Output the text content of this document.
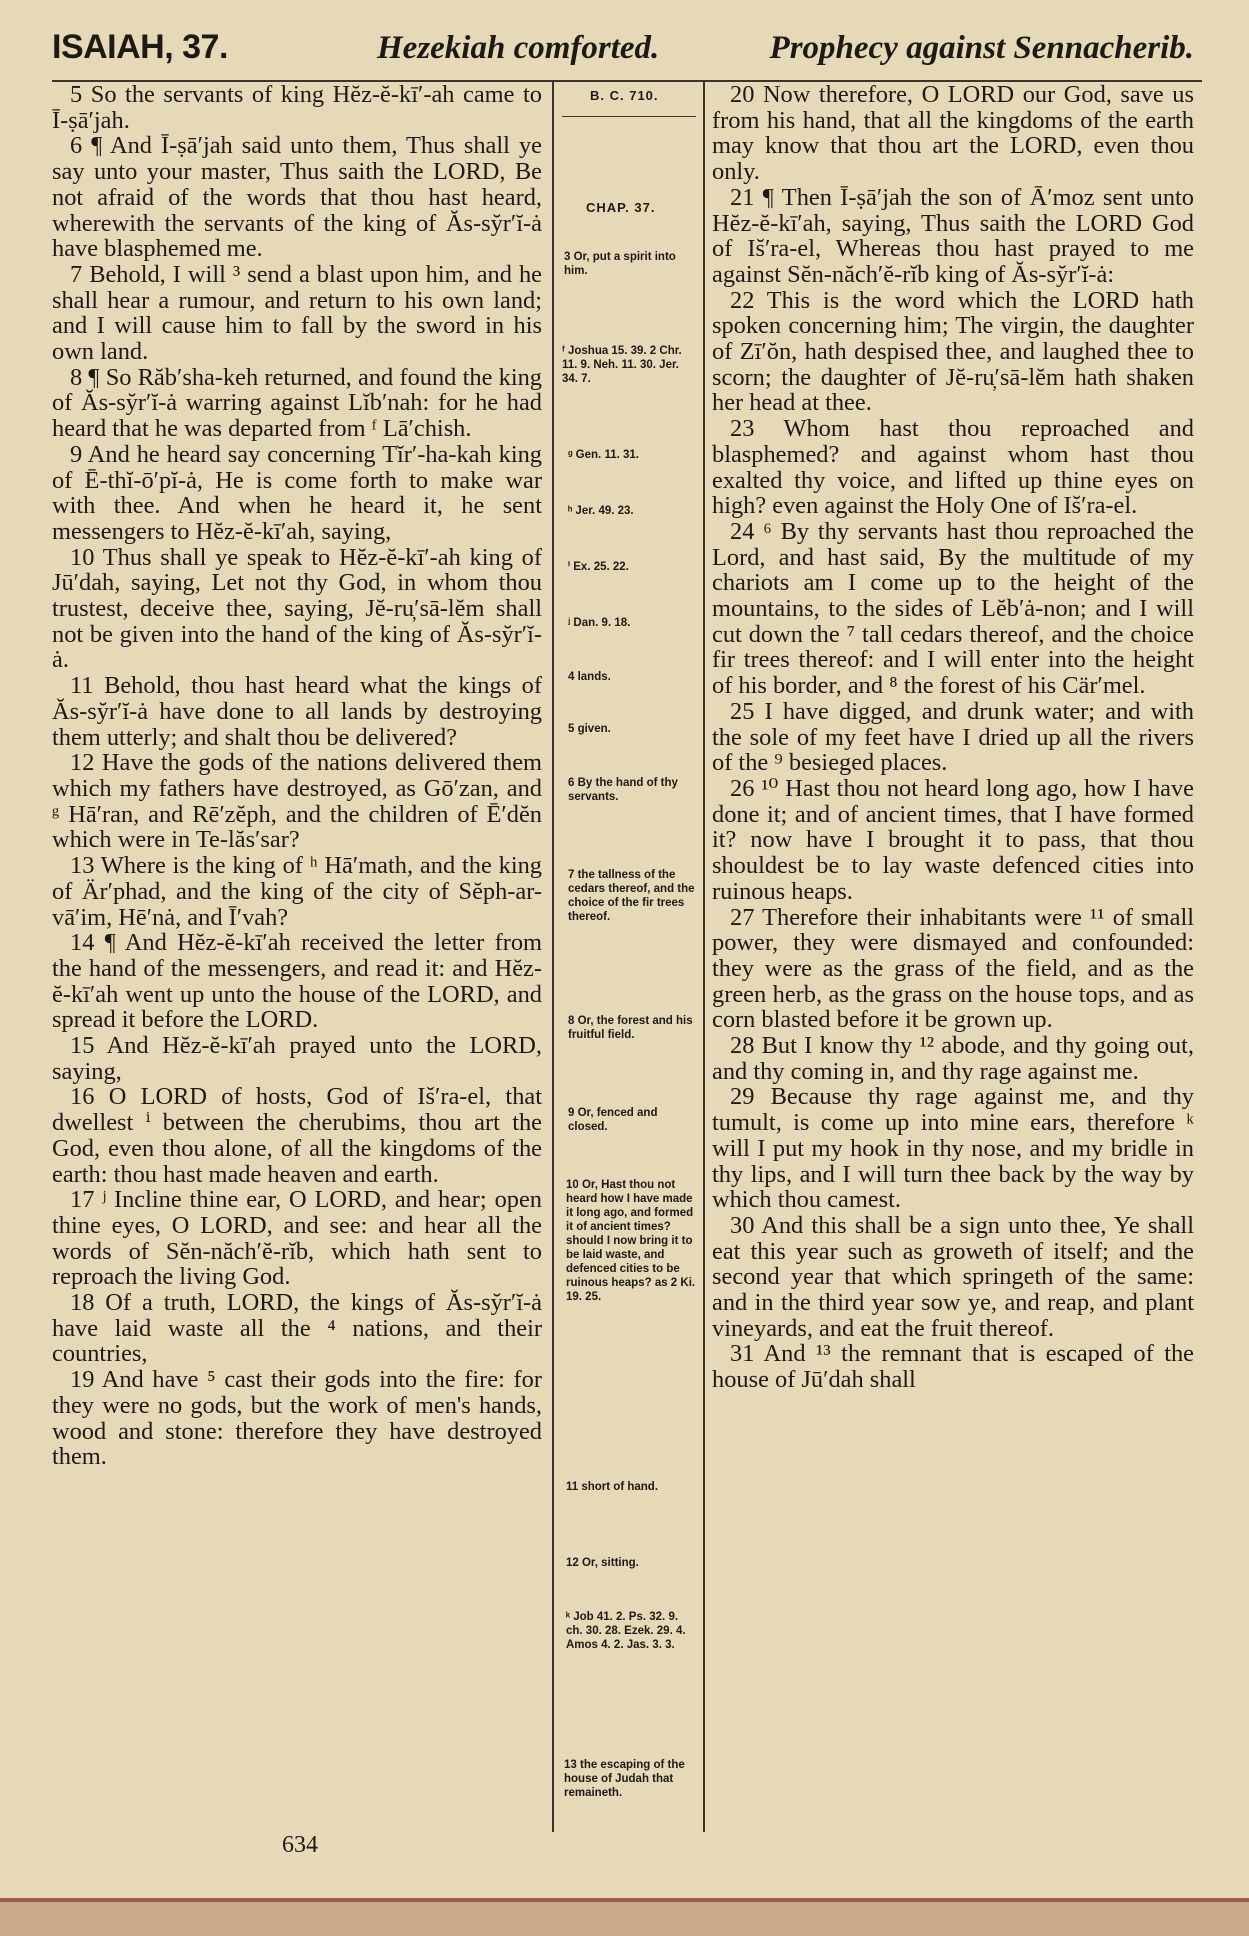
ISAIAH, 37.	Hezekiah comforted.	Prophecy against Sennacherib.

5 So the servants of king Hĕz-ĕ-kī′-ah came to Ī-ṣā′jah.

6 ¶ And Ī-ṣā′jah said unto them, Thus shall ye say unto your master, Thus saith the LORD, Be not afraid of the words that thou hast heard, wherewith the servants of the king of Ăs-sy̆r′ĭ-ȧ have blasphemed me.

7 Behold, I will ³ send a blast upon him, and he shall hear a rumour, and return to his own land; and I will cause him to fall by the sword in his own land.

8 ¶ So Răb′sha-keh returned, and found the king of Ăs-sy̆r′ĭ-ȧ warring against Lĭb′nah: for he had heard that he was departed from ᶠ Lā′chish.

9 And he heard say concerning Tĭr′-ha-kah king of Ē-thĭ-ō′pĭ-ȧ, He is come forth to make war with thee. And when he heard it, he sent messengers to Hĕz-ĕ-kī′ah, saying,

10 Thus shall ye speak to Hĕz-ĕ-kī′-ah king of Jū′dah, saying, Let not thy God, in whom thou trustest, deceive thee, saying, Jĕ-ru̦′sā-lĕm shall not be given into the hand of the king of Ăs-sy̆r′ĭ-ȧ.

11 Behold, thou hast heard what the kings of Ăs-sy̆r′ĭ-ȧ have done to all lands by destroying them utterly; and shalt thou be delivered?

12 Have the gods of the nations delivered them which my fathers have destroyed, as Gō′zan, and ᵍ Hā′ran, and Rē′zĕph, and the children of Ē′dĕn which were in Te-lăs′sar?

13 Where is the king of ʰ Hā′math, and the king of Är′phad, and the king of the city of Sĕph-ar-vā′im, Hē′nȧ, and Ī′vah?

14 ¶ And Hĕz-ĕ-kī′ah received the letter from the hand of the messengers, and read it: and Hĕz-ĕ-kī′ah went up unto the house of the LORD, and spread it before the LORD.

15 And Hĕz-ĕ-kī′ah prayed unto the LORD, saying,

16 O LORD of hosts, God of Is̆′ra-el, that dwellest ⁱ between the cherubims, thou art the God, even thou alone, of all the kingdoms of the earth: thou hast made heaven and earth.

17 ʲ Incline thine ear, O LORD, and hear; open thine eyes, O LORD, and see: and hear all the words of Sĕn-năch′ĕ-rĭb, which hath sent to reproach the living God.

18 Of a truth, LORD, the kings of Ăs-sy̆r′ĭ-ȧ have laid waste all the ⁴ nations, and their countries,

19 And have ⁵ cast their gods into the fire: for they were no gods, but the work of men's hands, wood and stone: therefore they have destroyed them.

B. C. 710.
CHAP. 37.
3 Or, put a spirit into him.
ᶠ Joshua 15. 39. 2 Chr. 11. 9. Neh. 11. 30. Jer. 34. 7.
ᵍ Gen. 11. 31.
ʰ Jer. 49. 23.
ⁱ Ex. 25. 22.
ʲ Dan. 9. 18.
4 lands.
5 given.
6 By the hand of thy servants.
7 the tallness of the cedars thereof, and the choice of the fir trees thereof.
8 Or, the forest and his fruitful field.
9 Or, fenced and closed.
10 Or, Hast thou not heard how I have made it long ago, and formed it of ancient times? should I now bring it to be laid waste, and defenced cities to be ruinous heaps? as 2 Ki. 19. 25.
11 short of hand.
12 Or, sitting.
ᵏ Job 41. 2. Ps. 32. 9. ch. 30. 28. Ezek. 29. 4. Amos 4. 2. Jas. 3. 3.
13 the escaping of the house of Judah that remaineth.

20 Now therefore, O LORD our God, save us from his hand, that all the kingdoms of the earth may know that thou art the LORD, even thou only.

21 ¶ Then Ī-ṣā′jah the son of Ā′moz sent unto Hĕz-ĕ-kī′ah, saying, Thus saith the LORD God of Is̆′ra-el, Whereas thou hast prayed to me against Sĕn-năch′ĕ-rĭb king of Ăs-sy̆r′ĭ-ȧ:

22 This is the word which the LORD hath spoken concerning him; The virgin, the daughter of Zī′ŏn, hath despised thee, and laughed thee to scorn; the daughter of Jĕ-ru̦′sā-lĕm hath shaken her head at thee.

23 Whom hast thou reproached and blasphemed? and against whom hast thou exalted thy voice, and lifted up thine eyes on high? even against the Holy One of Is̆′ra-el.

24 ⁶ By thy servants hast thou reproached the Lord, and hast said, By the multitude of my chariots am I come up to the height of the mountains, to the sides of Lĕb′ȧ-non; and I will cut down the ⁷ tall cedars thereof, and the choice fir trees thereof: and I will enter into the height of his border, and ⁸ the forest of his Cär′mel.

25 I have digged, and drunk water; and with the sole of my feet have I dried up all the rivers of the ⁹ besieged places.

26 ¹⁰ Hast thou not heard long ago, how I have done it; and of ancient times, that I have formed it? now have I brought it to pass, that thou shouldest be to lay waste defenced cities into ruinous heaps.

27 Therefore their inhabitants were ¹¹ of small power, they were dismayed and confounded: they were as the grass of the field, and as the green herb, as the grass on the house tops, and as corn blasted before it be grown up.

28 But I know thy ¹² abode, and thy going out, and thy coming in, and thy rage against me.

29 Because thy rage against me, and thy tumult, is come up into mine ears, therefore ᵏ will I put my hook in thy nose, and my bridle in thy lips, and I will turn thee back by the way by which thou camest.

30 And this shall be a sign unto thee, Ye shall eat this year such as groweth of itself; and the second year that which springeth of the same: and in the third year sow ye, and reap, and plant vineyards, and eat the fruit thereof.

31 And ¹³ the remnant that is escaped of the house of Jū′dah shall

634
